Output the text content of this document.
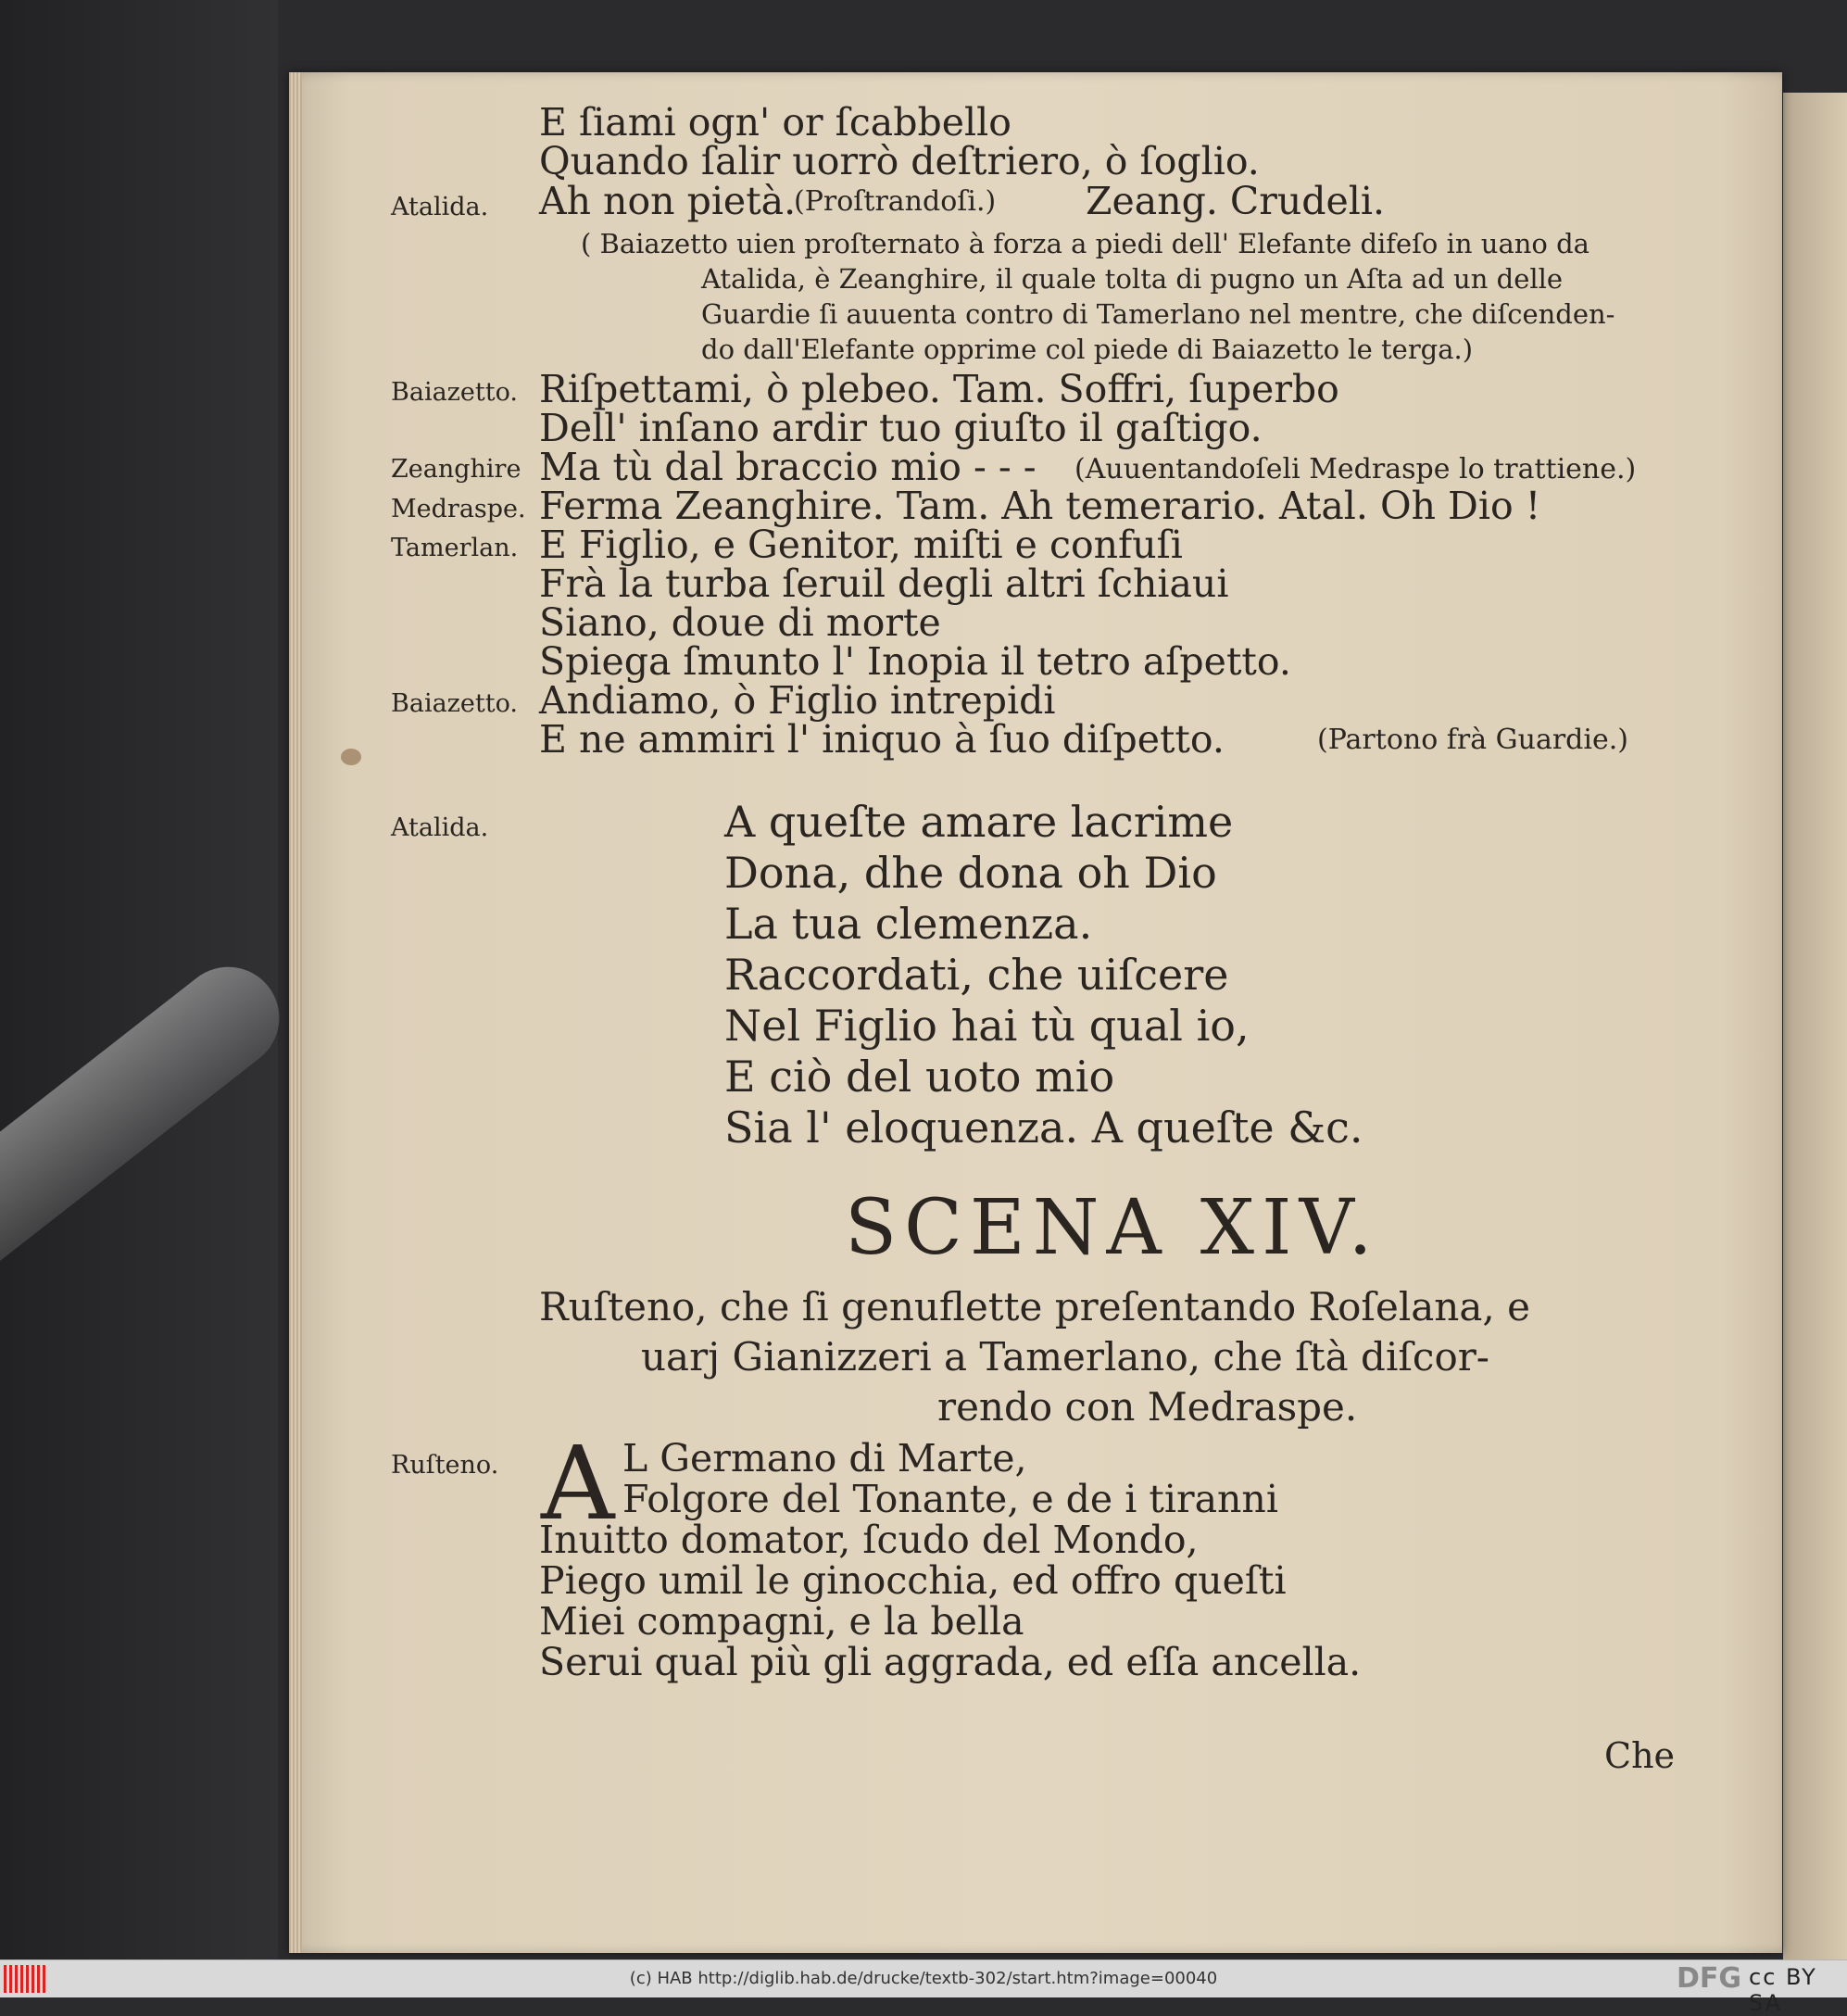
E ſiami ogn' or ſcabbello
Quando ſalir uorrò deſtriero, ò ſoglio.
Atalida. Ah non pietà.
(Proſtrandoſi.) Zeang. Crudeli.
( Baiazetto uien proſternato à forza a piedi dell' Elefante difeſo in uano da
Atalida, è Zeanghire, il quale tolta di pugno un Aſta ad un delle
Guardie ſi auuenta contro di Tamerlano nel mentre, che diſcenden-
do dall'Elefante opprime col piede di Baiazetto le terga.)
Baiazetto. Riſpettami, ò plebeo. Tam. Soffri, ſuperbo
Dell' inſano ardir tuo giuſto il gaſtigo.
Zeanghire Ma tù dal braccio mio - - - (Auuentandoſeli Medraspe lo trattiene.)
Medraspe. Ferma Zeanghire. Tam. Ah temerario. Atal. Oh Dio !
Tamerlan. E Figlio, e Genitor, miſti e confuſi
Frà la turba ſeruil degli altri ſchiaui
Siano, doue di morte
Spiega ſmunto l' Inopia il tetro aſpetto.
Baiazetto. Andiamo, ò Figlio intrepidi
E ne ammiri l' iniquo à ſuo diſpetto.	(Partono frà Guardie.)
Atalida.	A queſte amare lacrime
Dona, dhe dona oh Dio
La tua clemenza.
Raccordati, che uiſcere
Nel Figlio hai tù qual io,
E ciò del uoto mio
Sia l' eloquenza. A queſte &c.
SCENA XIV.
Ruſteno, che ſi genuflette preſentando Roſelana, e
uarj Gianizzeri a Tamerlano, che ſtà diſcor-
rendo con Medraspe.
Ruſteno. A L Germano di Marte,
Folgore del Tonante, e de i tiranni
Inuitto domator, ſcudo del Mondo,
Piego umil le ginocchia, ed offro queſti
Miei compagni, e la bella
Serui qual più gli aggrada, ed eſſa ancella.
Che
(c) HAB http://diglib.hab.de/drucke/textb-302/start.htm?image=00040	DFG cc BY SA
